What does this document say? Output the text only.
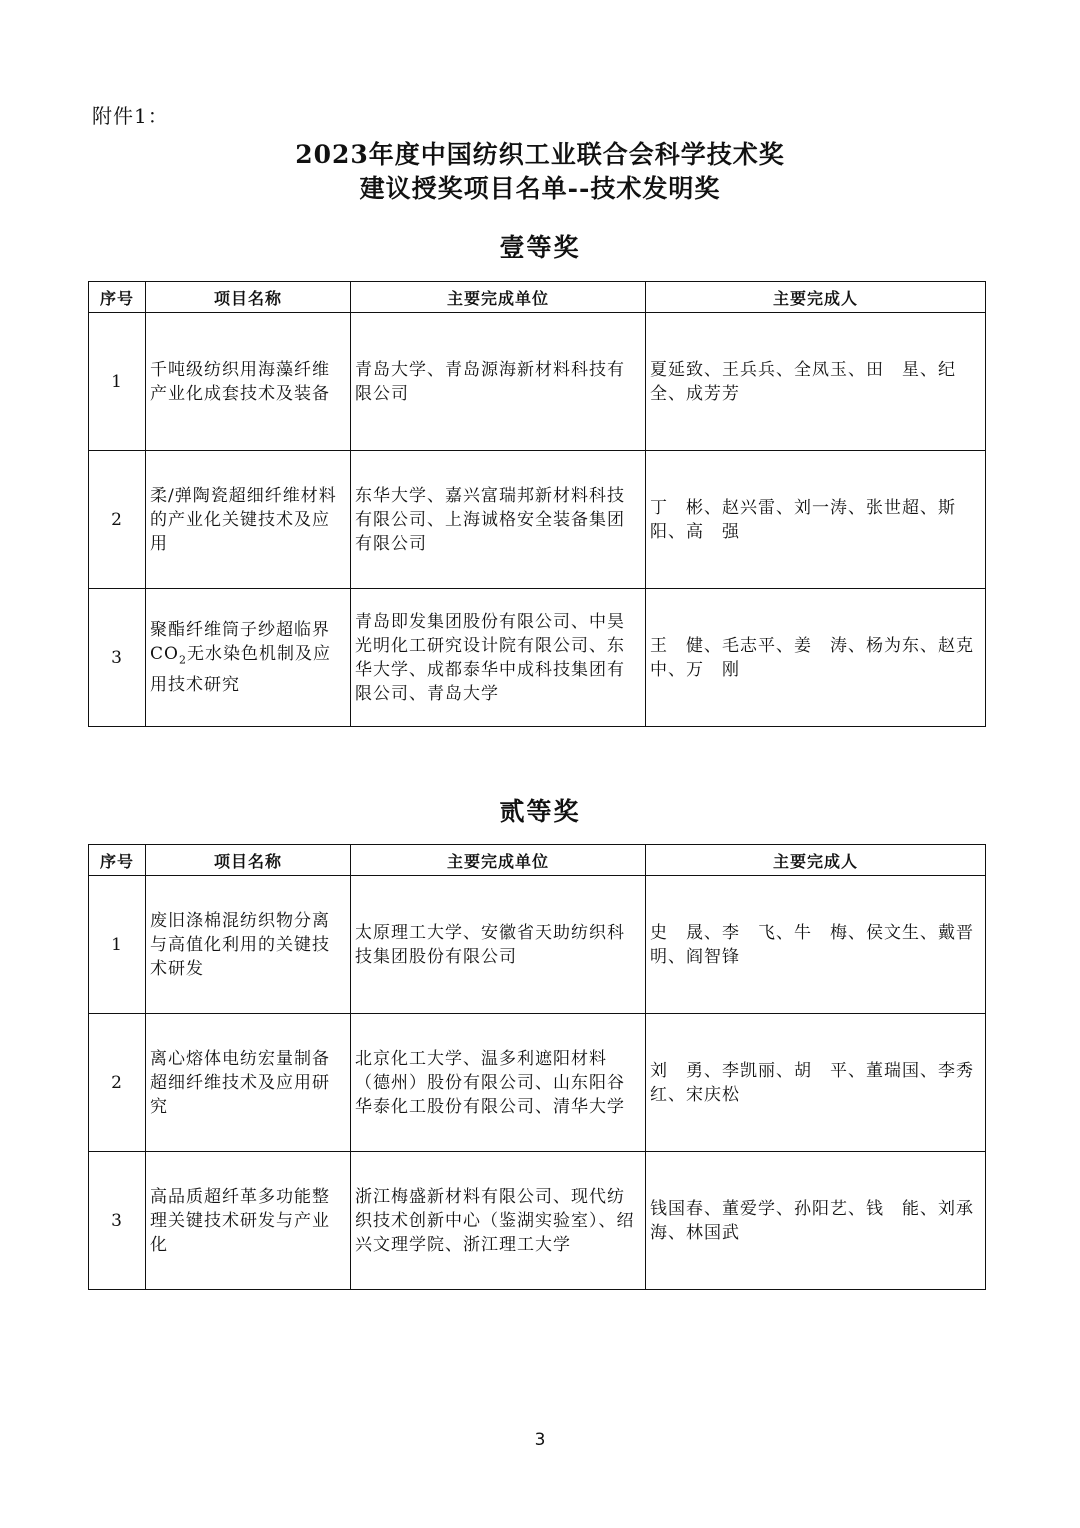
附件1：
2023年度中国纺织工业联合会科学技术奖
建议授奖项目名单--技术发明奖
壹等奖
序号	项目名称	主要完成单位	主要完成人
1	千吨级纺织用海藻纤维产业化成套技术及装备	青岛大学、青岛源海新材料科技有限公司	夏延致、王兵兵、全凤玉、田　星、纪　全、成芳芳
2	柔/弹陶瓷超细纤维材料的产业化关键技术及应用	东华大学、嘉兴富瑞邦新材料科技有限公司、上海诚格安全装备集团有限公司	丁　彬、赵兴雷、刘一涛、张世超、斯　阳、高　强
3	聚酯纤维筒子纱超临界$CO_2$无水染色机制及应用技术研究	青岛即发集团股份有限公司、中昊光明化工研究设计院有限公司、东华大学、成都泰华中成科技集团有限公司、青岛大学	王　健、毛志平、姜　涛、杨为东、赵克中、万　刚
贰等奖
序号	项目名称	主要完成单位	主要完成人
1	废旧涤棉混纺织物分离与高值化利用的关键技术研发	太原理工大学、安徽省天助纺织科技集团股份有限公司	史　晟、李　飞、牛　梅、侯文生、戴晋明、阎智锋
2	离心熔体电纺宏量制备超细纤维技术及应用研究	北京化工大学、温多利遮阳材料（德州）股份有限公司、山东阳谷华泰化工股份有限公司、清华大学	刘　勇、李凯丽、胡　平、董瑞国、李秀红、宋庆松
3	高品质超纤革多功能整理关键技术研发与产业化	浙江梅盛新材料有限公司、现代纺织技术创新中心（鉴湖实验室）、绍兴文理学院、浙江理工大学	钱国春、董爱学、孙阳艺、钱　能、刘承海、林国武
3
